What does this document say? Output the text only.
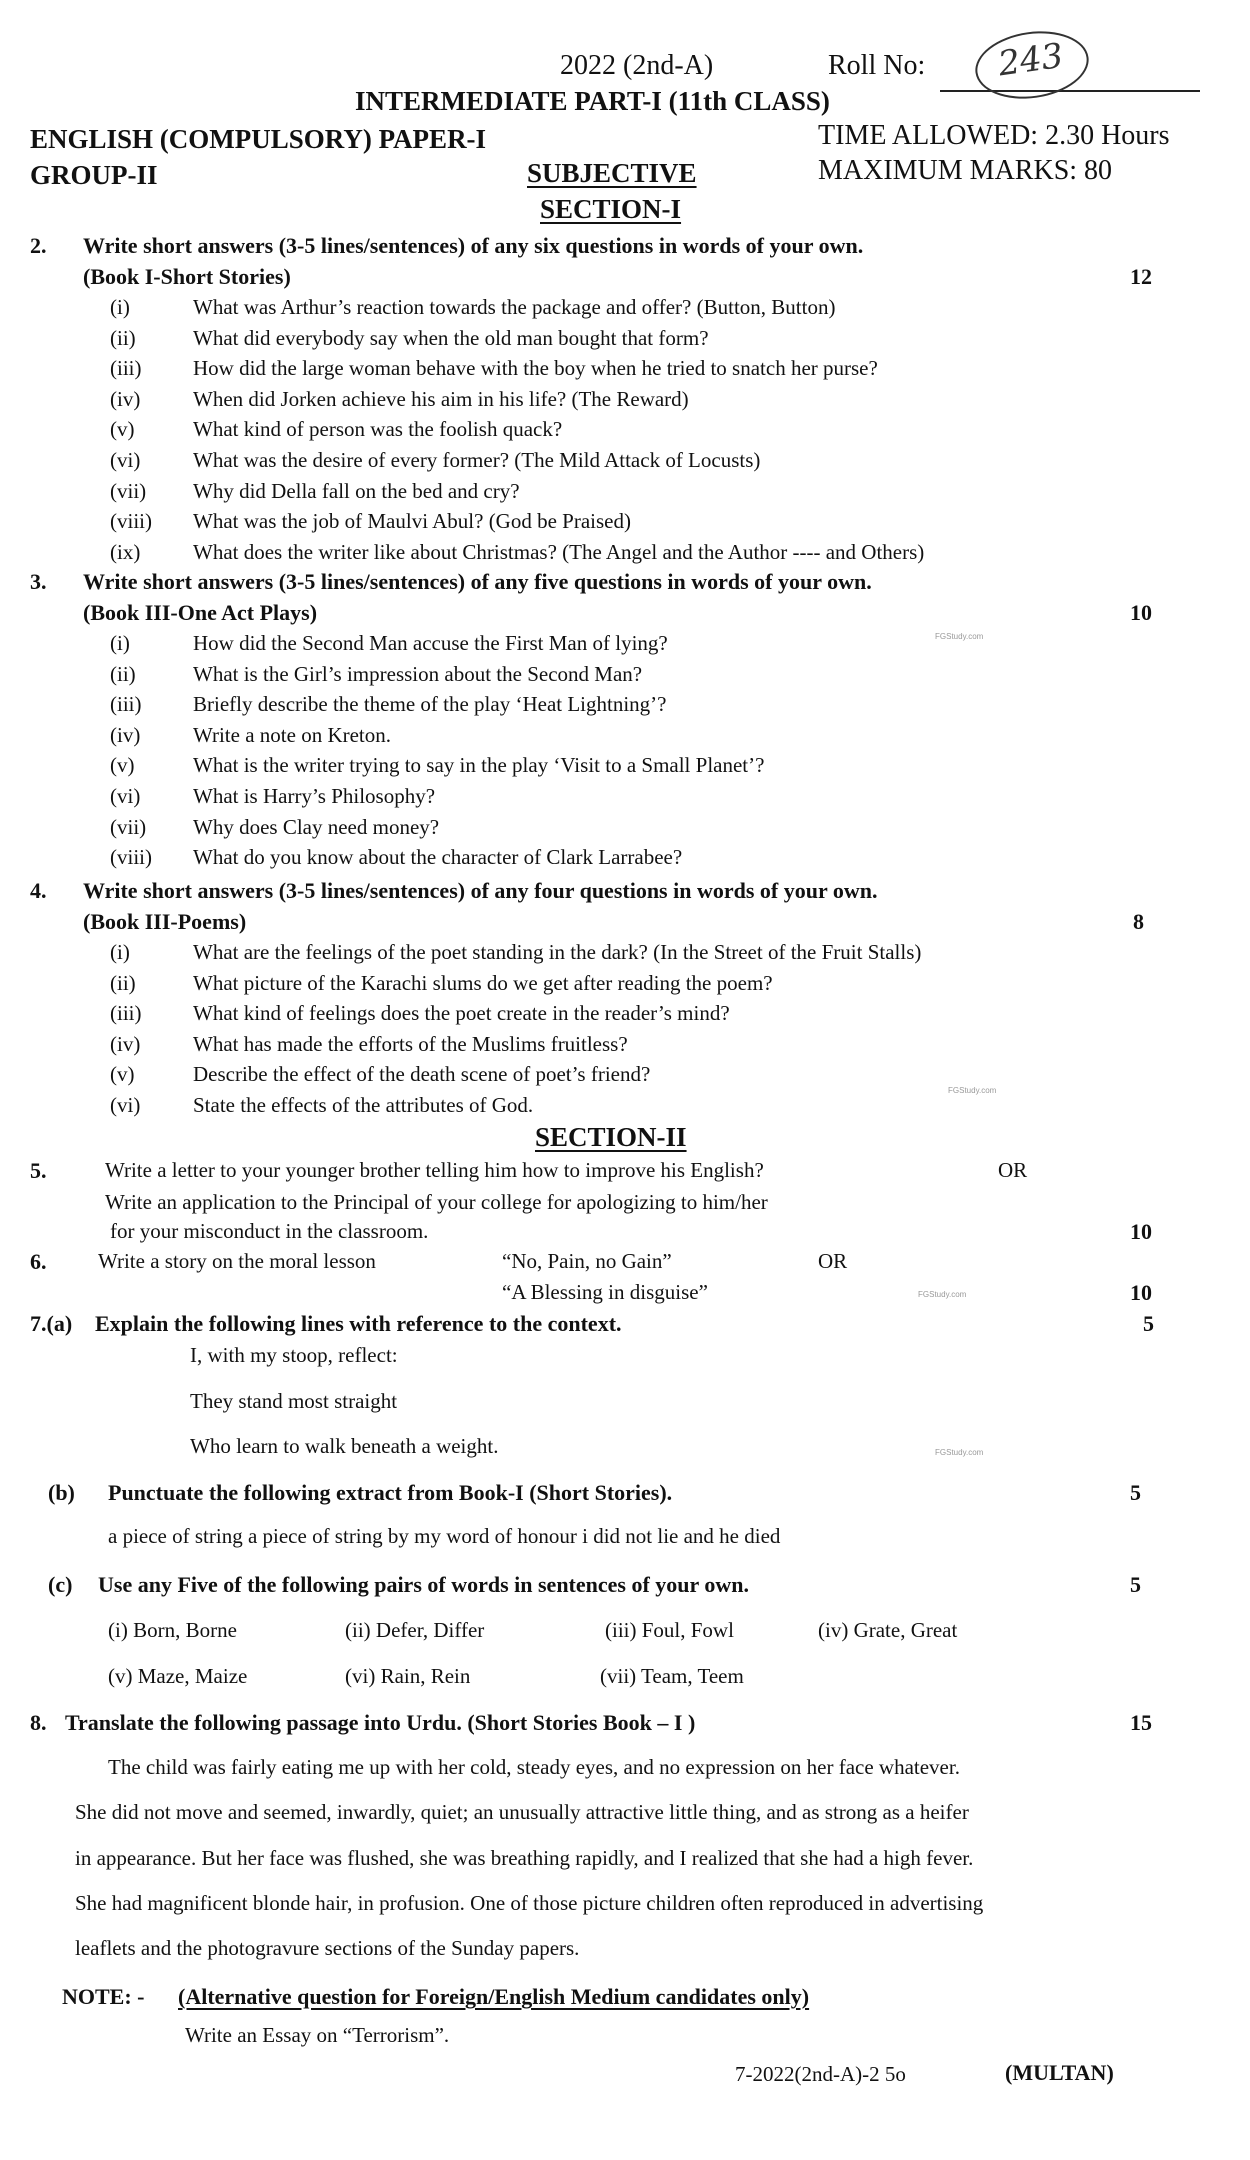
FGStudy.com
FGStudy.com
FGStudy.com
FGStudy.com
2022 (2nd-A)	Roll No: 243
INTERMEDIATE PART-I (11th CLASS)
ENGLISH (COMPULSORY) PAPER-I	TIME ALLOWED: 2.30 Hours
GROUP-II	SUBJECTIVE	MAXIMUM MARKS: 80
SECTION-I
2. Write short answers (3-5 lines/sentences) of any six questions in words of your own.
(Book I-Short Stories)	12
(i)	What was Arthur’s reaction towards the package and offer? (Button, Button)
(ii)	What did everybody say when the old man bought that form?
(iii) How did the large woman behave with the boy when he tried to snatch her purse?
(iv)	When did Jorken achieve his aim in his life? (The Reward)
(v)	What kind of person was the foolish quack?
(vi)	What was the desire of every former? (The Mild Attack of Locusts)
(vii) Why did Della fall on the bed and cry?
(viii) What was the job of Maulvi Abul? (God be Praised)
(ix)	What does the writer like about Christmas? (The Angel and the Author ---- and Others)
3. Write short answers (3-5 lines/sentences) of any five questions in words of your own.
(Book III-One Act Plays)	10
(i)	How did the Second Man accuse the First Man of lying?
(ii)	What is the Girl’s impression about the Second Man?
(iii) Briefly describe the theme of the play ‘Heat Lightning’?
(iv)	Write a note on Kreton.
(v)	What is the writer trying to say in the play ‘Visit to a Small Planet’?
(vi)	What is Harry’s Philosophy?
(vii) Why does Clay need money?
(viii) What do you know about the character of Clark Larrabee?
4. Write short answers (3-5 lines/sentences) of any four questions in words of your own.
(Book III-Poems)	8
(i)	What are the feelings of the poet standing in the dark? (In the Street of the Fruit Stalls)
(ii)	What picture of the Karachi slums do we get after reading the poem?
(iii) What kind of feelings does the poet create in the reader’s mind?
(iv)	What has made the efforts of the Muslims fruitless?
(v)	Describe the effect of the death scene of poet’s friend?
(vi)	State the effects of the attributes of God.
SECTION-II
5.	Write a letter to your younger brother telling him how to improve his English?	OR
Write an application to the Principal of your college for apologizing to him/her
for your misconduct in the classroom.	10
6. Write a story on the moral lesson	“No, Pain, no Gain”	OR
“A Blessing in disguise”	10
7.(a) Explain the following lines with reference to the context.	5
I, with my stoop, reflect:
They stand most straight
Who learn to walk beneath a weight.
(b) Punctuate the following extract from Book-I (Short Stories).	5
a piece of string a piece of string by my word of honour i did not lie and he died
(c) Use any Five of the following pairs of words in sentences of your own.	5
(i) Born, Borne	(ii) Defer, Differ	(iii) Foul, Fowl	(iv) Grate, Great
(v) Maze, Maize	(vi) Rain, Rein	(vii) Team, Teem
8. Translate the following passage into Urdu. (Short Stories Book – I )	15
The child was fairly eating me up with her cold, steady eyes, and no expression on her face whatever.
She did not move and seemed, inwardly, quiet; an unusually attractive little thing, and as strong as a heifer
in appearance. But her face was flushed, she was breathing rapidly, and I realized that she had a high fever.
She had magnificent blonde hair, in profusion. One of those picture children often reproduced in advertising
leaflets and the photogravure sections of the Sunday papers.
NOTE: - (Alternative question for Foreign/English Medium candidates only)
Write an Essay on “Terrorism”.
7-2022(2nd-A)-2 5o	(MULTAN)
